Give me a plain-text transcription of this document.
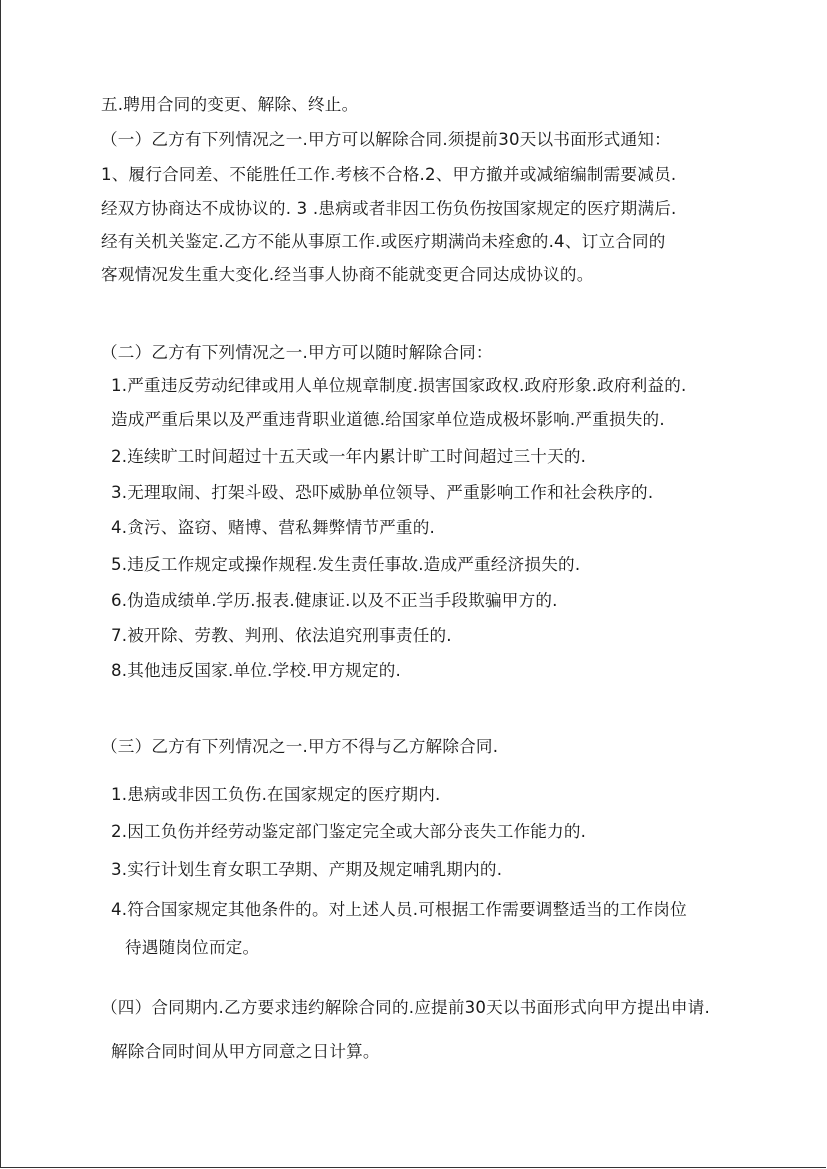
五.聘用合同的变更、解除、终止。
（一）乙方有下列情况之一.甲方可以解除合同.须提前30天以书面形式通知：
1、履行合同差、不能胜任工作.考核不合格.2、甲方撤并或减缩编制需要减员.
经双方协商达不成协议的. 3 .患病或者非因工伤负伤按国家规定的医疗期满后.
经有关机关鉴定.乙方不能从事原工作.或医疗期满尚未痊愈的.4、订立合同的
客观情况发生重大变化.经当事人协商不能就变更合同达成协议的。
（二）乙方有下列情况之一.甲方可以随时解除合同：
1.严重违反劳动纪律或用人单位规章制度.损害国家政权.政府形象.政府利益的.
造成严重后果以及严重违背职业道德.给国家单位造成极坏影响.严重损失的.
2.连续旷工时间超过十五天或一年内累计旷工时间超过三十天的.
3.无理取闹、打架斗殴、恐吓威胁单位领导、严重影响工作和社会秩序的.
4.贪污、盗窃、赌博、营私舞弊情节严重的.
5.违反工作规定或操作规程.发生责任事故.造成严重经济损失的.
6.伪造成绩单.学历.报表.健康证.以及不正当手段欺骗甲方的.
7.被开除、劳教、判刑、依法追究刑事责任的.
8.其他违反国家.单位.学校.甲方规定的.
（三）乙方有下列情况之一.甲方不得与乙方解除合同.
1.患病或非因工负伤.在国家规定的医疗期内.
2.因工负伤并经劳动鉴定部门鉴定完全或大部分丧失工作能力的.
3.实行计划生育女职工孕期、产期及规定哺乳期内的.
4.符合国家规定其他条件的。对上述人员.可根据工作需要调整适当的工作岗位
待遇随岗位而定。
（四）合同期内.乙方要求违约解除合同的.应提前30天以书面形式向甲方提出申请.
解除合同时间从甲方同意之日计算。
